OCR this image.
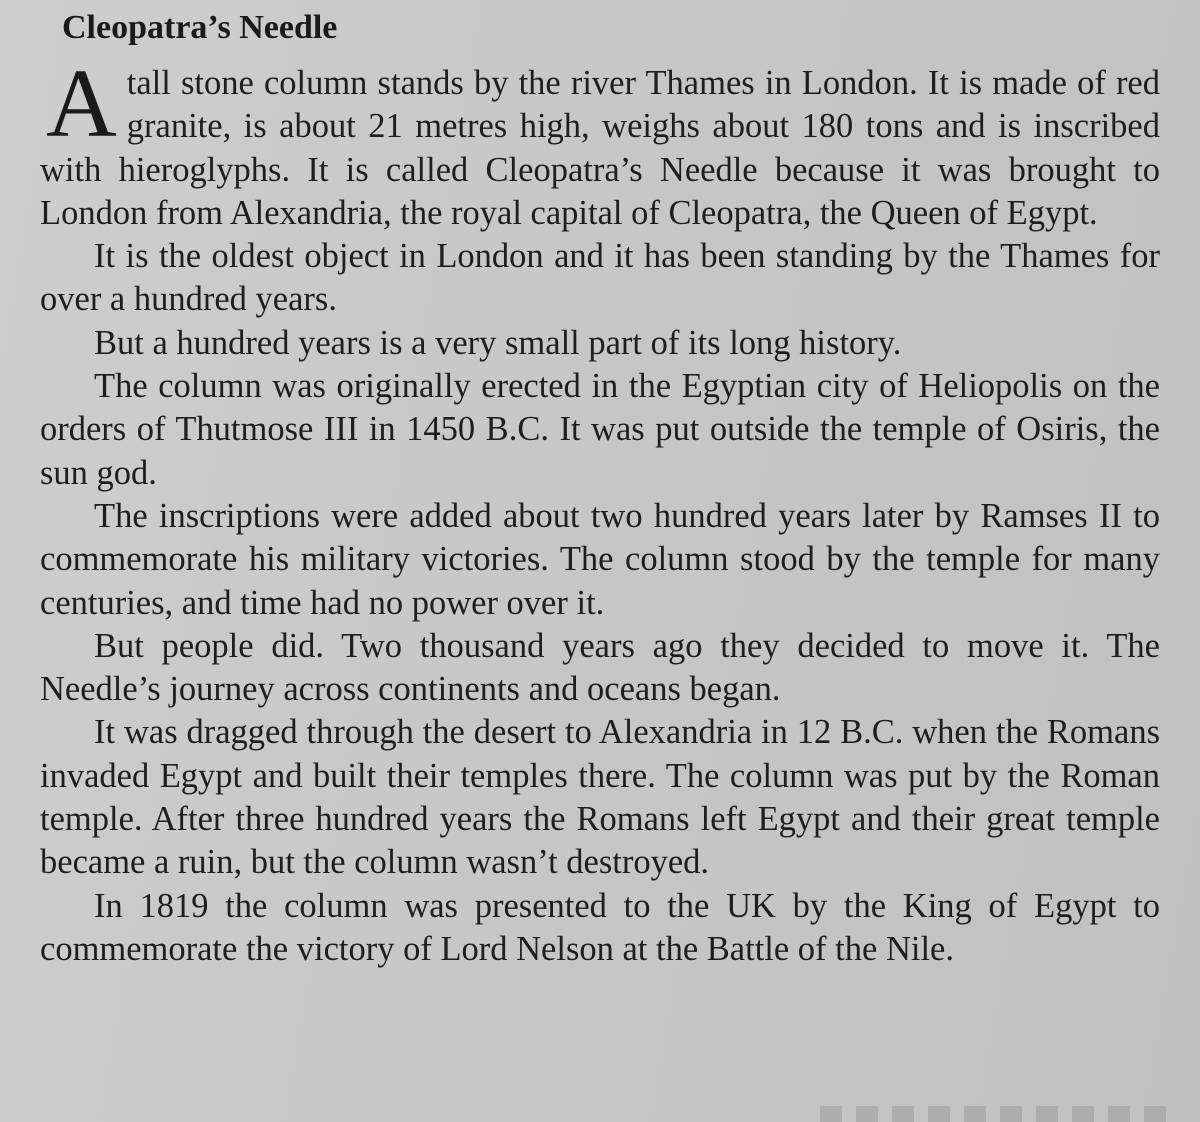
Cleopatra’s Needle

Atall stone column stands by the river Thames in London. It is made of red granite, is about 21 metres high, weighs about 180 tons and is inscribed with hieroglyphs. It is called Cleopatra’s Needle because it was brought to London from Alexandria, the royal capital of Cleopatra, the Queen of Egypt.

It is the oldest object in London and it has been standing by the Thames for over a hundred years.

But a hundred years is a very small part of its long history.

The column was originally erected in the Egyptian city of Heliopolis on the orders of Thutmose III in 1450 B.C. It was put outside the temple of Osiris, the sun god.

The inscriptions were added about two hundred years later by Ramses II to commemorate his military victories. The column stood by the temple for many centuries, and time had no power over it.

But people did. Two thousand years ago they decided to move it. The Needle’s journey across continents and oceans began.

It was dragged through the desert to Alexandria in 12 B.C. when the Romans invaded Egypt and built their temples there. The column was put by the Roman temple. After three hundred years the Romans left Egypt and their great temple became a ruin, but the column wasn’t destroyed.

In 1819 the column was presented to the UK by the King of Egypt to commemorate the victory of Lord Nelson at the Battle of the Nile.
